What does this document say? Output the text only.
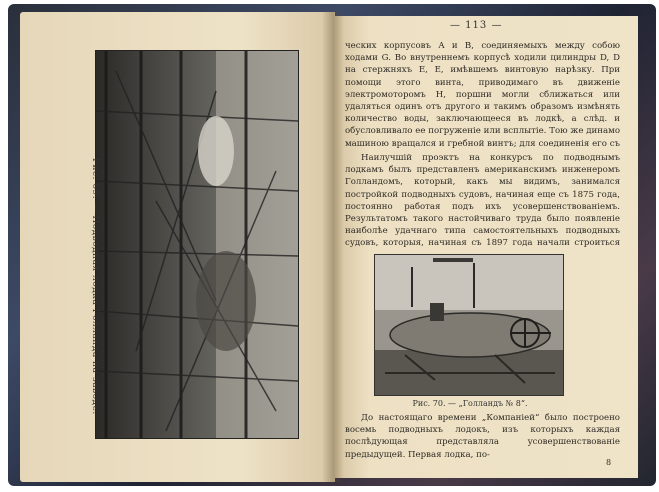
Рис. 69. — Подводная лодка Голланда на заводе.
— 113 —

ческих корпусовъ A и B, соединяемыхъ между собою ходами G. Во внутреннемъ корпусѣ ходили цилиндры D, D на стержняхъ E, E, имѣвшемъ винтовую нарѣзку. При помощи этого винта, приводимаго въ движеніе электромоторомъ H, поршни могли сближаться или удаляться одинъ отъ другого и такимъ образомъ измѣнять количество воды, заключающееся въ лодкѣ, а слѣд. и обусловливало ее погруженіе или всплытіе. Тою же динамо машиною вращался и гребной винтъ; для соединенія его съ

Наилучшій проэктъ на конкурсъ по подводнымъ лодкамъ былъ представленъ американскимъ инженеромъ Голландомъ, который, какъ мы видимъ, занимался постройкой подводныхъ судовъ, начиная еще съ 1875 года, постоянно работая подъ ихъ усовершенствованіемъ. Результатомъ такого настойчиваго труда было появленіе наиболѣе удачнаго типа самостоятельныхъ подводныхъ судовъ, которыя, начиная съ 1897 года начали строиться

Рис. 70. — „Голландъ № 8“.

До настоящаго времени „Компаніей“ было построено восемь подводныхъ лодокъ, изъ которыхъ каждая послѣдующая представляла усовершенствованіе предыдущей. Первая лодка, по-

8
